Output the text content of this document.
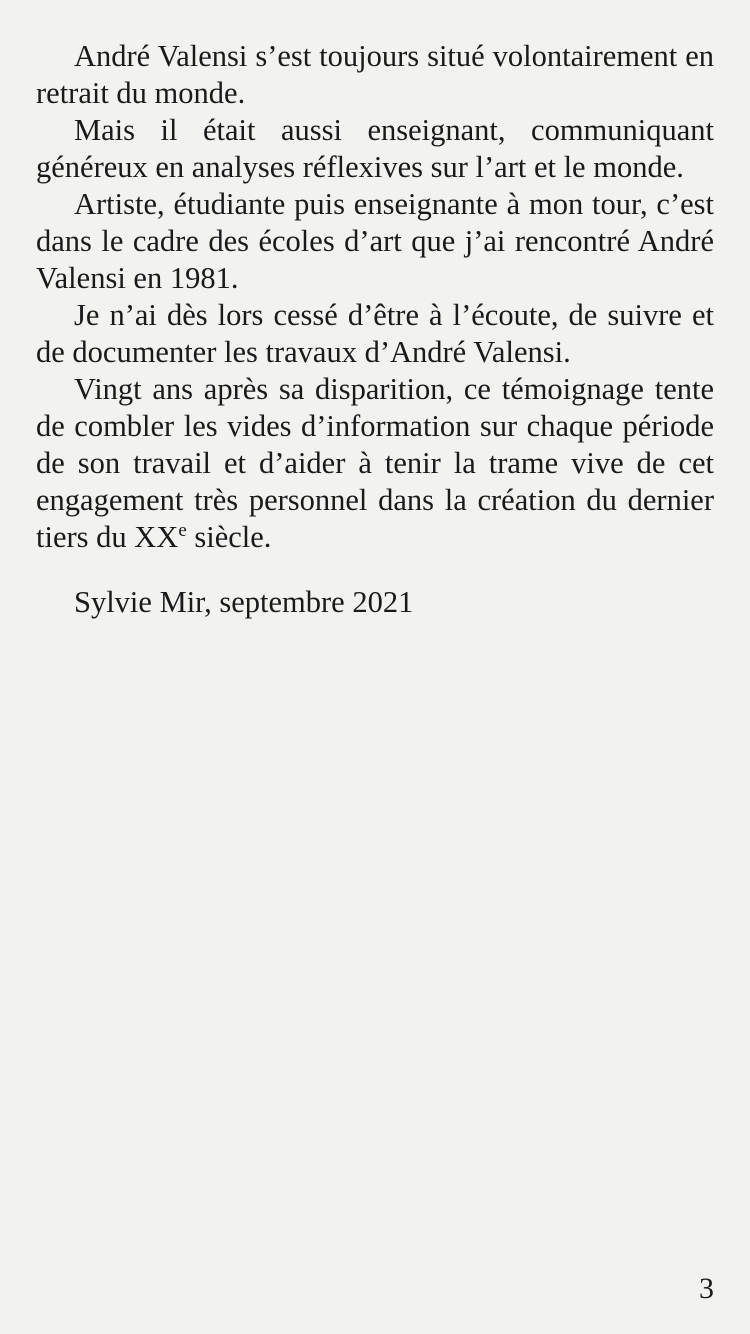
André Valensi s’est toujours situé volontairement en retrait du monde.

Mais il était aussi enseignant, communiquant généreux en analyses réflexives sur l’art et le monde.

Artiste, étudiante puis enseignante à mon tour, c’est dans le cadre des écoles d’art que j’ai rencontré André Valensi en 1981.

Je n’ai dès lors cessé d’être à l’écoute, de suivre et de documenter les travaux d’André Valensi.

Vingt ans après sa disparition, ce témoignage tente de combler les vides d’information sur chaque période de son travail et d’aider à tenir la trame vive de cet engagement très personnel dans la création du dernier tiers du XXe siècle.

Sylvie Mir, septembre 2021
3
